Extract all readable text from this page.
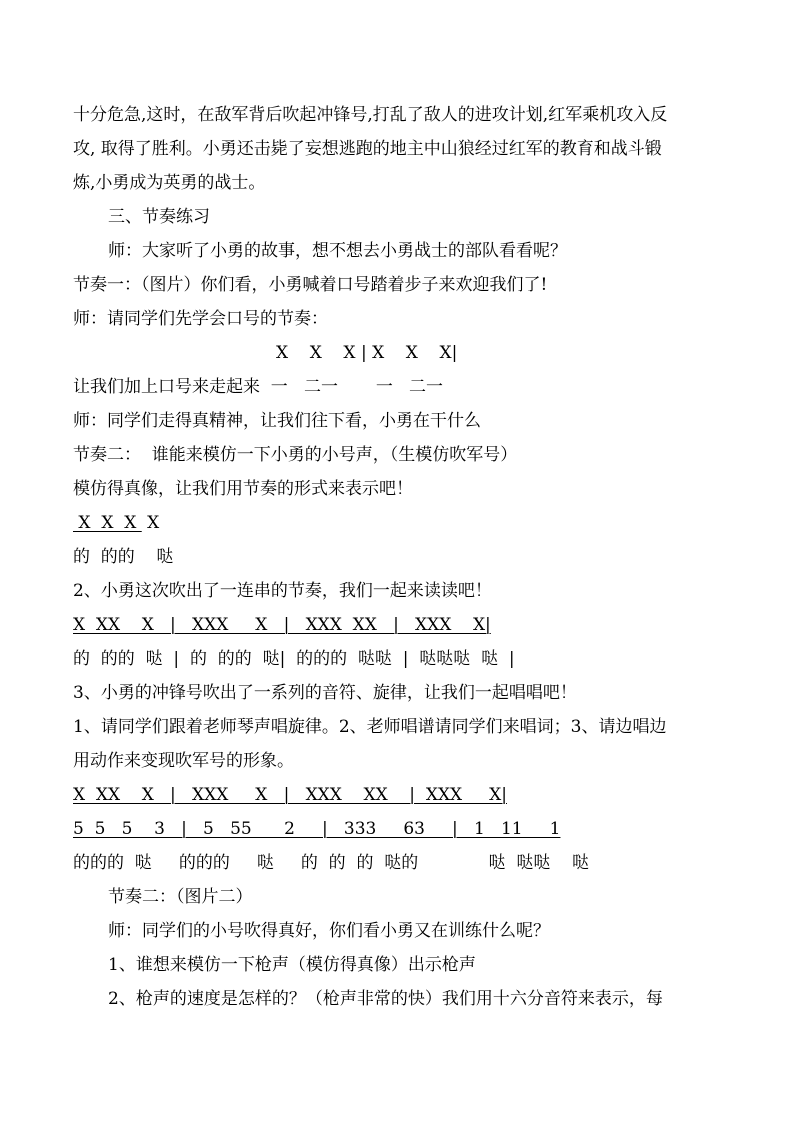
十分危急,这时，在敌军背后吹起冲锋号,打乱了敌人的进攻计划,红军乘机攻入反
攻, 取得了胜利。小勇还击毙了妄想逃跑的地主中山狼经过红军的教育和战斗锻
炼,小勇成为英勇的战士。
三、节奏练习
师：大家听了小勇的故事，想不想去小勇战士的部队看看呢？
节奏一：（图片）你们看，小勇喊着口号踏着步子来欢迎我们了!
师：请同学们先学会口号的节奏：
X    X    X | X    X    X|
让我们加上口号来走起来  一   二一       一   二一
师：同学们走得真精神，让我们往下看，小勇在干什么
节奏二：  谁能来模仿一下小勇的小号声，（生模仿吹军号）
模仿得真像，让我们用节奏的形式来表示吧！
X  X  X  X
的  的的    哒
2、小勇这次吹出了一连串的节奏，我们一起来读读吧！
X  XX    X   |   XXX     X   |   XXX  XX   |   XXX    X|
的  的的  哒  |  的  的的  哒|  的的的  哒哒  |  哒哒哒  哒  |
3、小勇的冲锋号吹出了一系列的音符、旋律，让我们一起唱唱吧！
1、请同学们跟着老师琴声唱旋律。2、老师唱谱请同学们来唱词；3、请边唱边
用动作来变现吹军号的形象。
X  XX    X   |   XXX     X   |   XXX    XX    |  XXX     X|
5  5   5    3   |   5   55      2     |   333     63     |   1   11     1
的的的  哒     的的的     哒     的  的  的  哒的             哒  哒哒    哒
节奏二：（图片二）
师：同学们的小号吹得真好，你们看小勇又在训练什么呢？
1、谁想来模仿一下枪声（模仿得真像）出示枪声
2、枪声的速度是怎样的？（枪声非常的快）我们用十六分音符来表示，每
